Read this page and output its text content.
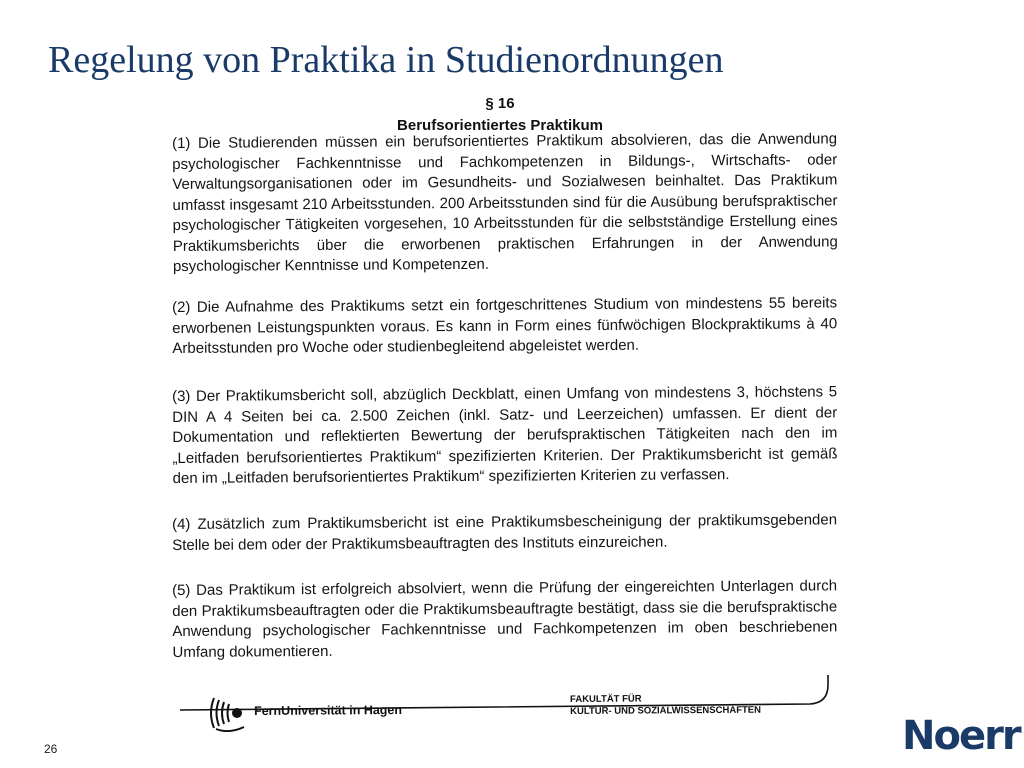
Regelung von Praktika in Studienordnungen
§ 16
Berufsorientiertes Praktikum

(1) Die Studierenden müssen ein berufsorientiertes Praktikum absolvieren, das die Anwendung psychologischer Fachkenntnisse und Fachkompetenzen in Bildungs-, Wirtschafts- oder Verwaltungsorganisationen oder im Gesundheits- und Sozialwesen beinhaltet. Das Praktikum umfasst insgesamt 210 Arbeitsstunden. 200 Arbeitsstunden sind für die Ausübung berufspraktischer psychologischer Tätigkeiten vorgesehen, 10 Arbeitsstunden für die selbstständige Erstellung eines Praktikumsberichts über die erworbenen praktischen Erfahrungen in der Anwendung psychologischer Kenntnisse und Kompetenzen.

(2) Die Aufnahme des Praktikums setzt ein fortgeschrittenes Studium von mindestens 55 bereits erworbenen Leistungspunkten voraus. Es kann in Form eines fünfwöchigen Blockpraktikums à 40 Arbeitsstunden pro Woche oder studienbegleitend abgeleistet werden.

(3) Der Praktikumsbericht soll, abzüglich Deckblatt, einen Umfang von mindestens 3, höchstens 5 DIN A 4 Seiten bei ca. 2.500 Zeichen (inkl. Satz- und Leerzeichen) umfassen. Er dient der Dokumentation und reflektierten Bewertung der berufspraktischen Tätigkeiten nach den im „Leitfaden berufsorientiertes Praktikum“ spezifizierten Kriterien. Der Praktikumsbericht ist gemäß den im „Leitfaden berufsorientiertes Praktikum“ spezifizierten Kriterien zu verfassen.

(4) Zusätzlich zum Praktikumsbericht ist eine Praktikumsbescheinigung der praktikumsgebenden Stelle bei dem oder der Praktikumsbeauftragten des Instituts einzureichen.

(5) Das Praktikum ist erfolgreich absolviert, wenn die Prüfung der eingereichten Unterlagen durch den Praktikumsbeauftragten oder die Praktikumsbeauftragte bestätigt, dass sie die berufspraktische Anwendung psychologischer Fachkenntnisse und Fachkompetenzen im oben beschriebenen Umfang dokumentieren.

FernUniversität in Hagen
FAKULTÄT FÜR
KULTUR- UND SOZIALWISSENSCHAFTEN
26	Noerr
